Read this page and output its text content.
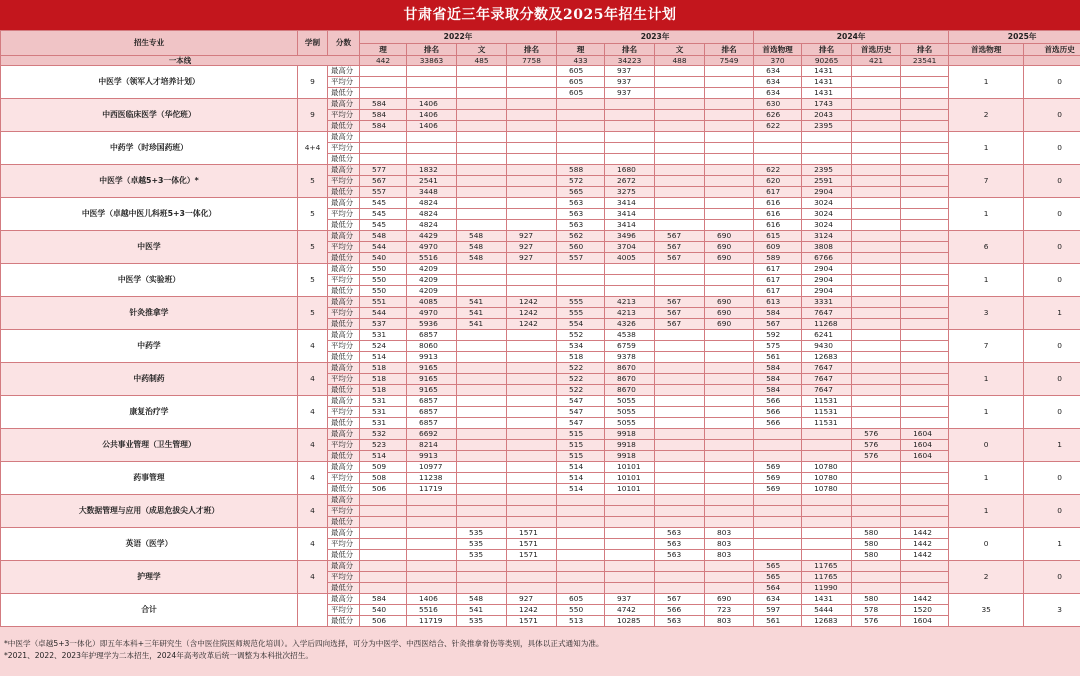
甘肃省近三年录取分数及2025年招生计划
招生专业	学制	分数	2022年				2023年				2024年				2025年	
			理	排名	文	排名	理	排名	文	排名	首选物理	排名	首选历史	排名	首选物理	首选历史
一本线			442	33863	485	7758	433	34223	488	7549	370	90265	421	23541		
中医学（领军人才培养计划）	9	最高分					605	937			634	1431			1	0
		平均分					605	937			634	1431				
		最低分					605	937			634	1431				
中西医临床医学（华佗班）	9	最高分	584	1406							630	1743			2	0
		平均分	584	1406							626	2043				
		最低分	584	1406							622	2395				
中药学（时珍国药班）	4+4	最高分													1	0
		平均分														
		最低分														
中医学（卓越5+3一体化）*	5	最高分	577	1832			588	1680			622	2395			7	0
		平均分	567	2541			572	2672			620	2591				
		最低分	557	3448			565	3275			617	2904				
中医学（卓越中医儿科班5+3一体化）	5	最高分	545	4824			563	3414			616	3024			1	0
		平均分	545	4824			563	3414			616	3024				
		最低分	545	4824			563	3414			616	3024				
中医学	5	最高分	548	4429	548	927	562	3496	567	690	615	3124			6	0
		平均分	544	4970	548	927	560	3704	567	690	609	3808				
		最低分	540	5516	548	927	557	4005	567	690	589	6766				
中医学（实验班）	5	最高分	550	4209							617	2904			1	0
		平均分	550	4209							617	2904				
		最低分	550	4209							617	2904				
针灸推拿学	5	最高分	551	4085	541	1242	555	4213	567	690	613	3331			3	1
		平均分	544	4970	541	1242	555	4213	567	690	584	7647				
		最低分	537	5936	541	1242	554	4326	567	690	567	11268				
中药学	4	最高分	531	6857			552	4538			592	6241			7	0
		平均分	524	8060			534	6759			575	9430				
		最低分	514	9913			518	9378			561	12683				
中药制药	4	最高分	518	9165			522	8670			584	7647			1	0
		平均分	518	9165			522	8670			584	7647				
		最低分	518	9165			522	8670			584	7647				
康复治疗学	4	最高分	531	6857			547	5055			566	11531			1	0
		平均分	531	6857			547	5055			566	11531				
		最低分	531	6857			547	5055			566	11531				
公共事业管理（卫生管理）	4	最高分	532	6692			515	9918					576	1604	0	1
		平均分	523	8214			515	9918					576	1604		
		最低分	514	9913			515	9918					576	1604		
药事管理	4	最高分	509	10977			514	10101			569	10780			1	0
		平均分	508	11238			514	10101			569	10780				
		最低分	506	11719			514	10101			569	10780				
大数据管理与应用（成思危拔尖人才班）	4	最高分													1	0
		平均分														
		最低分														
英语（医学）	4	最高分			535	1571			563	803			580	1442	0	1
		平均分			535	1571			563	803			580	1442		
		最低分			535	1571			563	803			580	1442		
护理学	4	最高分									565	11765			2	0
		平均分									565	11765				
		最低分									564	11990				
合计		最高分	584	1406	548	927	605	937	567	690	634	1431	580	1442	35	3
		平均分	540	5516	541	1242	550	4742	566	723	597	5444	578	1520		
		最低分	506	11719	535	1571	513	10285	563	803	561	12683	576	1604		
*中医学（卓越5+3一体化）即五年本科+三年研究生（含中医住院医师规范化培训）。入学后四向选择，可分为中医学、中西医结合、针灸推拿骨伤等类别，具体以正式通知为准。
*2021、2022、2023年护理学为二本招生，2024年高考改革后统一调整为本科批次招生。
